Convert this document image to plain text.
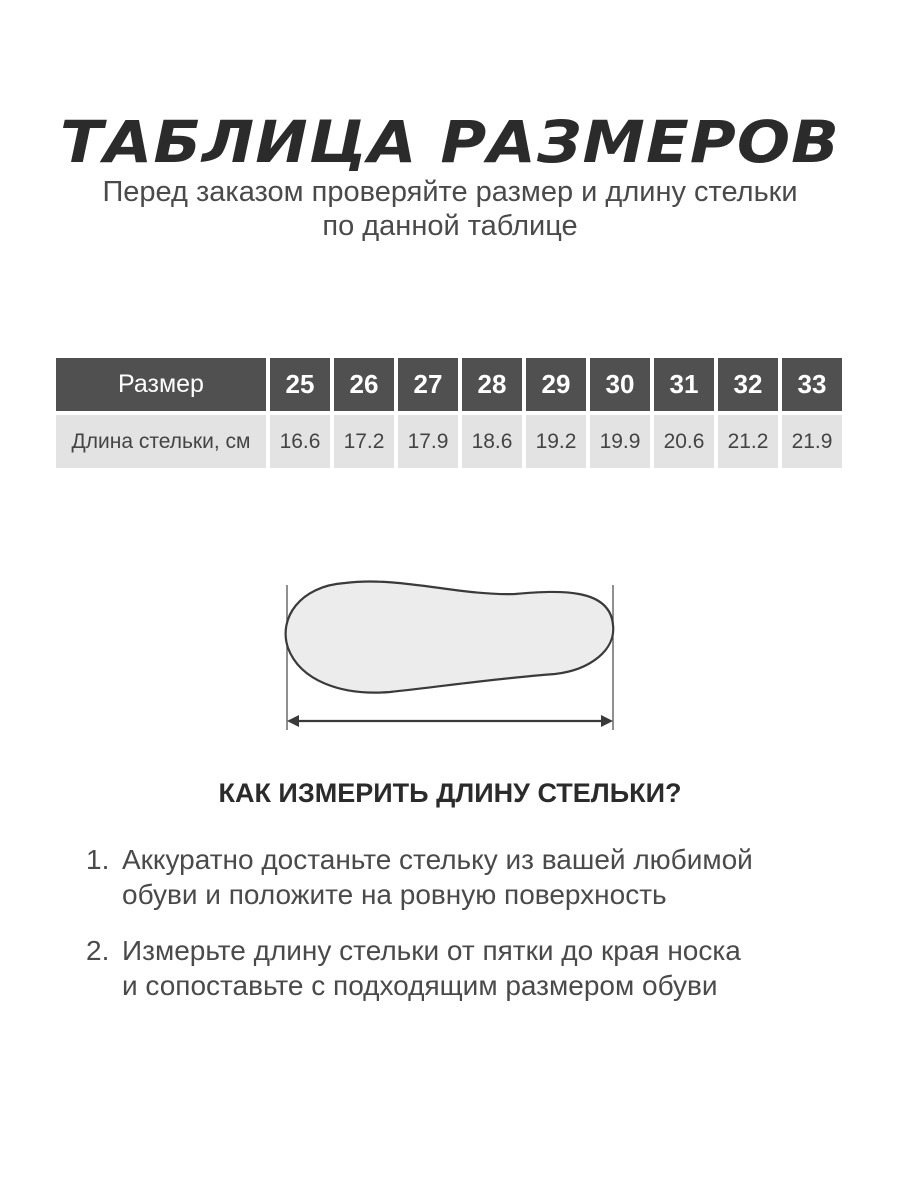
ТАБЛИЦА РАЗМЕРОВ
Перед заказом проверяйте размер и длину стельки
по данной таблице
Размер	25	26	27	28	29	30	31	32	33
Длина стельки, см	16.6	17.2	17.9	18.6	19.2	19.9	20.6	21.2	21.9
КАК ИЗМЕРИТЬ ДЛИНУ СТЕЛЬКИ?
1. Аккуратно достаньте стельку из вашей любимой
обуви и положите на ровную поверхность
2. Измерьте длину стельки от пятки до края носка
и сопоставьте с подходящим размером обуви
